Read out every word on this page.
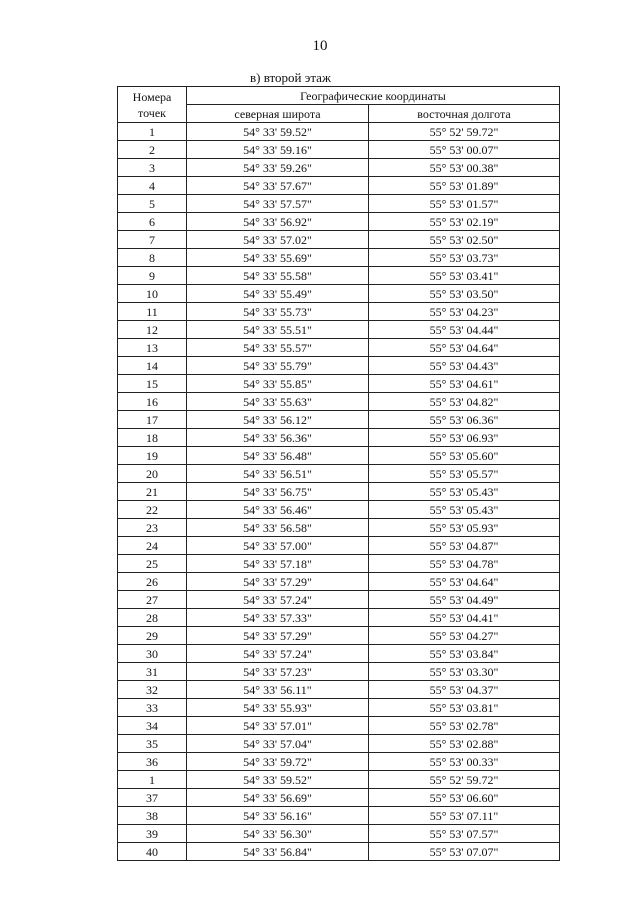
10
в) второй этаж
Номера
точек	Географические координаты	
	северная широта	восточная долгота
1	54° 33' 59.52"	55° 52' 59.72"
2	54° 33' 59.16"	55° 53' 00.07"
3	54° 33' 59.26"	55° 53' 00.38"
4	54° 33' 57.67"	55° 53' 01.89"
5	54° 33' 57.57"	55° 53' 01.57"
6	54° 33' 56.92"	55° 53' 02.19"
7	54° 33' 57.02"	55° 53' 02.50"
8	54° 33' 55.69"	55° 53' 03.73"
9	54° 33' 55.58"	55° 53' 03.41"
10	54° 33' 55.49"	55° 53' 03.50"
11	54° 33' 55.73"	55° 53' 04.23"
12	54° 33' 55.51"	55° 53' 04.44"
13	54° 33' 55.57"	55° 53' 04.64"
14	54° 33' 55.79"	55° 53' 04.43"
15	54° 33' 55.85"	55° 53' 04.61"
16	54° 33' 55.63"	55° 53' 04.82"
17	54° 33' 56.12"	55° 53' 06.36"
18	54° 33' 56.36"	55° 53' 06.93"
19	54° 33' 56.48"	55° 53' 05.60"
20	54° 33' 56.51"	55° 53' 05.57"
21	54° 33' 56.75"	55° 53' 05.43"
22	54° 33' 56.46"	55° 53' 05.43"
23	54° 33' 56.58"	55° 53' 05.93"
24	54° 33' 57.00"	55° 53' 04.87"
25	54° 33' 57.18"	55° 53' 04.78"
26	54° 33' 57.29"	55° 53' 04.64"
27	54° 33' 57.24"	55° 53' 04.49"
28	54° 33' 57.33"	55° 53' 04.41"
29	54° 33' 57.29"	55° 53' 04.27"
30	54° 33' 57.24"	55° 53' 03.84"
31	54° 33' 57.23"	55° 53' 03.30"
32	54° 33' 56.11"	55° 53' 04.37"
33	54° 33' 55.93"	55° 53' 03.81"
34	54° 33' 57.01"	55° 53' 02.78"
35	54° 33' 57.04"	55° 53' 02.88"
36	54° 33' 59.72"	55° 53' 00.33"
1	54° 33' 59.52"	55° 52' 59.72"
37	54° 33' 56.69"	55° 53' 06.60"
38	54° 33' 56.16"	55° 53' 07.11"
39	54° 33' 56.30"	55° 53' 07.57"
40	54° 33' 56.84"	55° 53' 07.07"
